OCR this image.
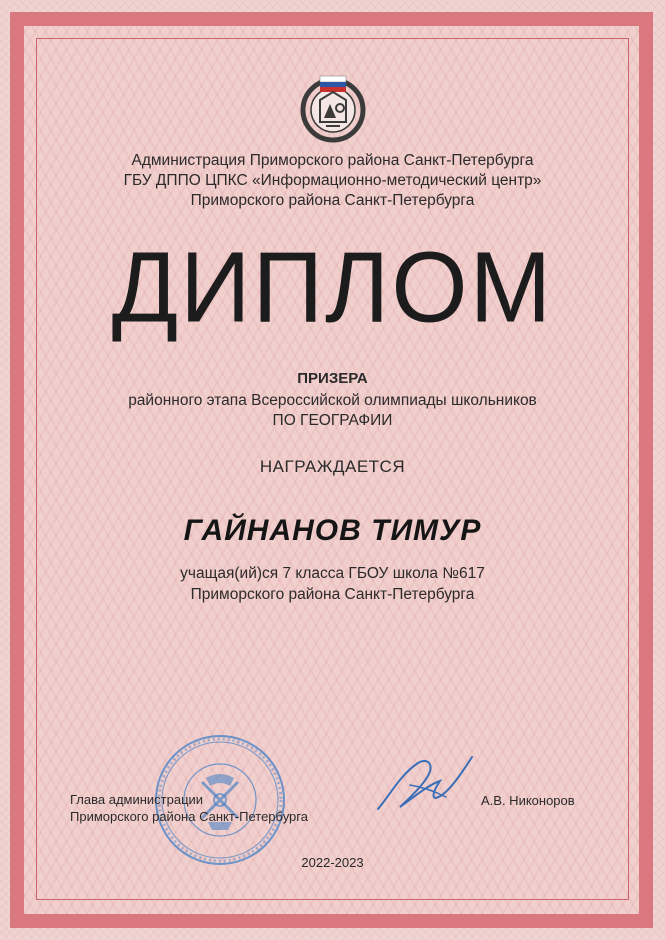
Администрация Приморского района Санкт-Петербурга
ГБУ ДППО ЦПКС «Информационно-методический центр»
Приморского района Санкт-Петербурга
ДИПЛОМ
ПРИЗЕРА
районного этапа Всероссийской олимпиады школьников
ПО ГЕОГРАФИИ
НАГРАЖДАЕТСЯ
ГАЙНАНОВ ТИМУР
учащая(ий)ся 7 класса ГБОУ школа №617
Приморского района Санкт-Петербурга
Глава администрации
Приморского района Санкт-Петербурга
А.В. Никоноров
2022-2023
